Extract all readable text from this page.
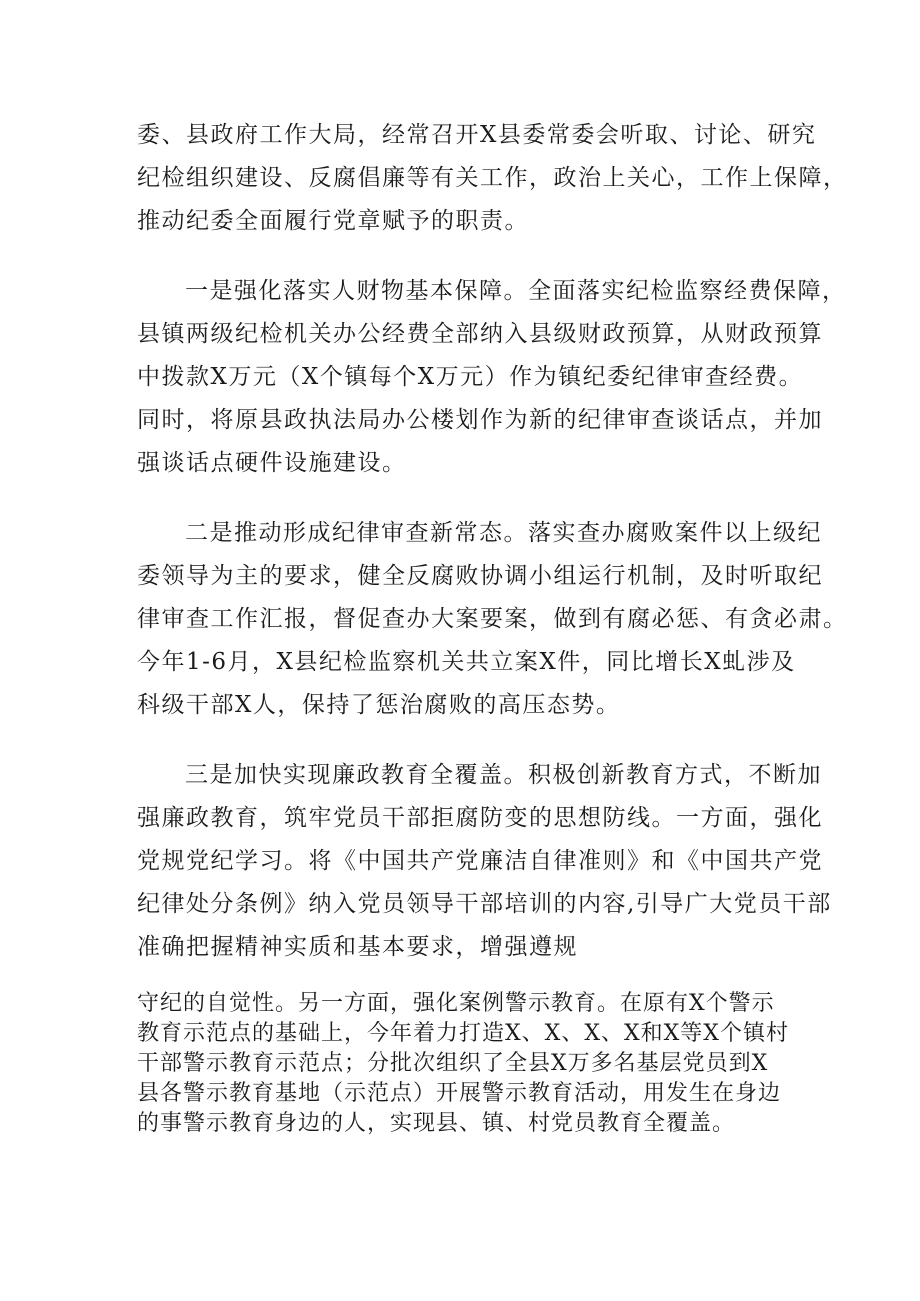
委、县政府工作大局，经常召开X县委常委会听取、讨论、研究

纪检组织建设、反腐倡廉等有关工作，政治上关心，工作上保障，

推动纪委全面履行党章赋予的职责。

一是强化落实人财物基本保障。全面落实纪检监察经费保障，

县镇两级纪检机关办公经费全部纳入县级财政预算，从财政预算

中拨款X万元（X个镇每个X万元）作为镇纪委纪律审查经费。

同时，将原县政执法局办公楼划作为新的纪律审查谈话点，并加

强谈话点硬件设施建设。

二是推动形成纪律审查新常态。落实查办腐败案件以上级纪

委领导为主的要求，健全反腐败协调小组运行机制，及时听取纪

律审查工作汇报，督促查办大案要案，做到有腐必惩、有贪必肃。

今年1-6月，X县纪检监察机关共立案X件，同比增长X虬涉及

科级干部X人，保持了惩治腐败的高压态势。

三是加快实现廉政教育全覆盖。积极创新教育方式，不断加

强廉政教育，筑牢党员干部拒腐防变的思想防线。一方面，强化

党规党纪学习。将《中国共产党廉洁自律准则》和《中国共产党

纪律处分条例》纳入党员领导干部培训的内容,引导广大党员干部

准确把握精神实质和基本要求，增强遵规

守纪的自觉性。另一方面，强化案例警示教育。在原有X个警示

教育示范点的基础上，今年着力打造X、X、X、X和X等X个镇村

干部警示教育示范点；分批次组织了全县X万多名基层党员到X

县各警示教育基地（示范点）开展警示教育活动，用发生在身边

的事警示教育身边的人，实现县、镇、村党员教育全覆盖。
